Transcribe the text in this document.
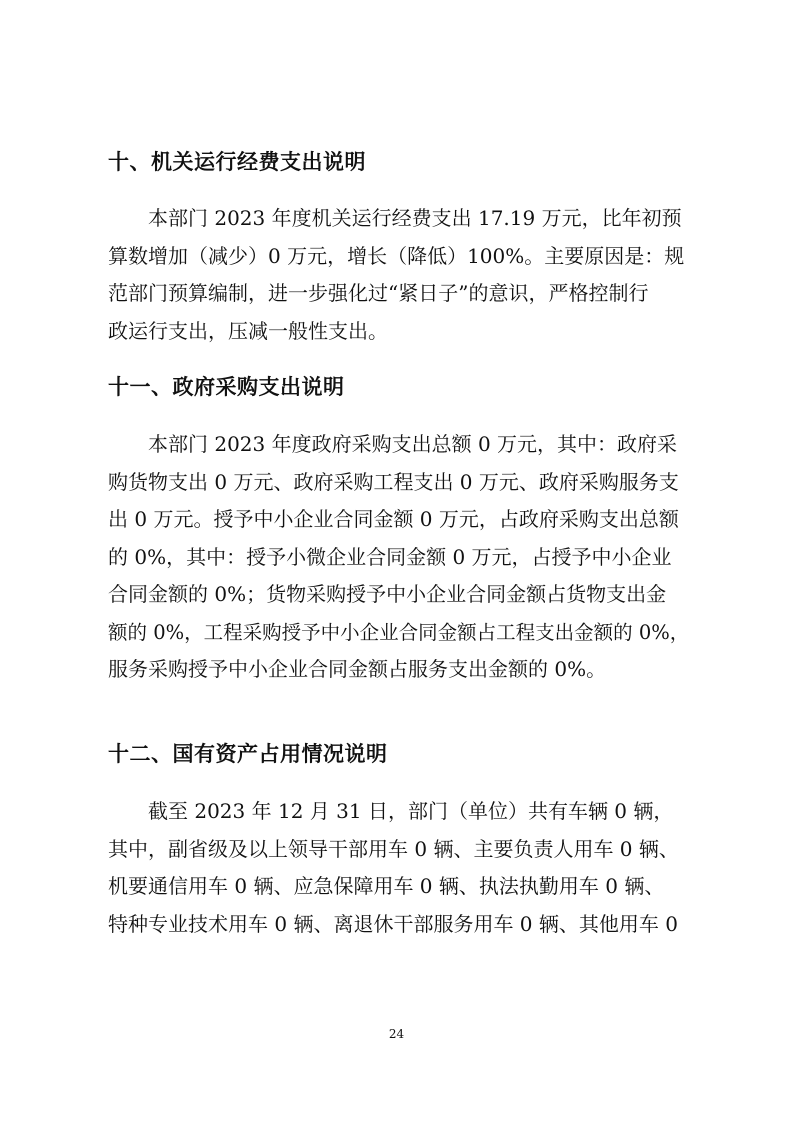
十、机关运行经费支出说明
本部门 2023 年度机关运行经费支出 17.19 万元，比年初预
算数增加（减少）0 万元，增长（降低）100%。主要原因是：规
范部门预算编制，进一步强化过“紧日子”的意识，严格控制行
政运行支出，压减一般性支出。
十一、政府采购支出说明
本部门 2023 年度政府采购支出总额 0 万元，其中：政府采
购货物支出 0 万元、政府采购工程支出 0 万元、政府采购服务支
出 0 万元。授予中小企业合同金额 0 万元，占政府采购支出总额
的 0%，其中：授予小微企业合同金额 0 万元，占授予中小企业
合同金额的 0%；货物采购授予中小企业合同金额占货物支出金
额的 0%，工程采购授予中小企业合同金额占工程支出金额的 0%，
服务采购授予中小企业合同金额占服务支出金额的 0%。
十二、国有资产占用情况说明
截至 2023 年 12 月 31 日，部门（单位）共有车辆 0 辆，
其中，副省级及以上领导干部用车 0 辆、主要负责人用车 0 辆、
机要通信用车 0 辆、应急保障用车 0 辆、执法执勤用车 0 辆、
特种专业技术用车 0 辆、离退休干部服务用车 0 辆、其他用车 0
24
